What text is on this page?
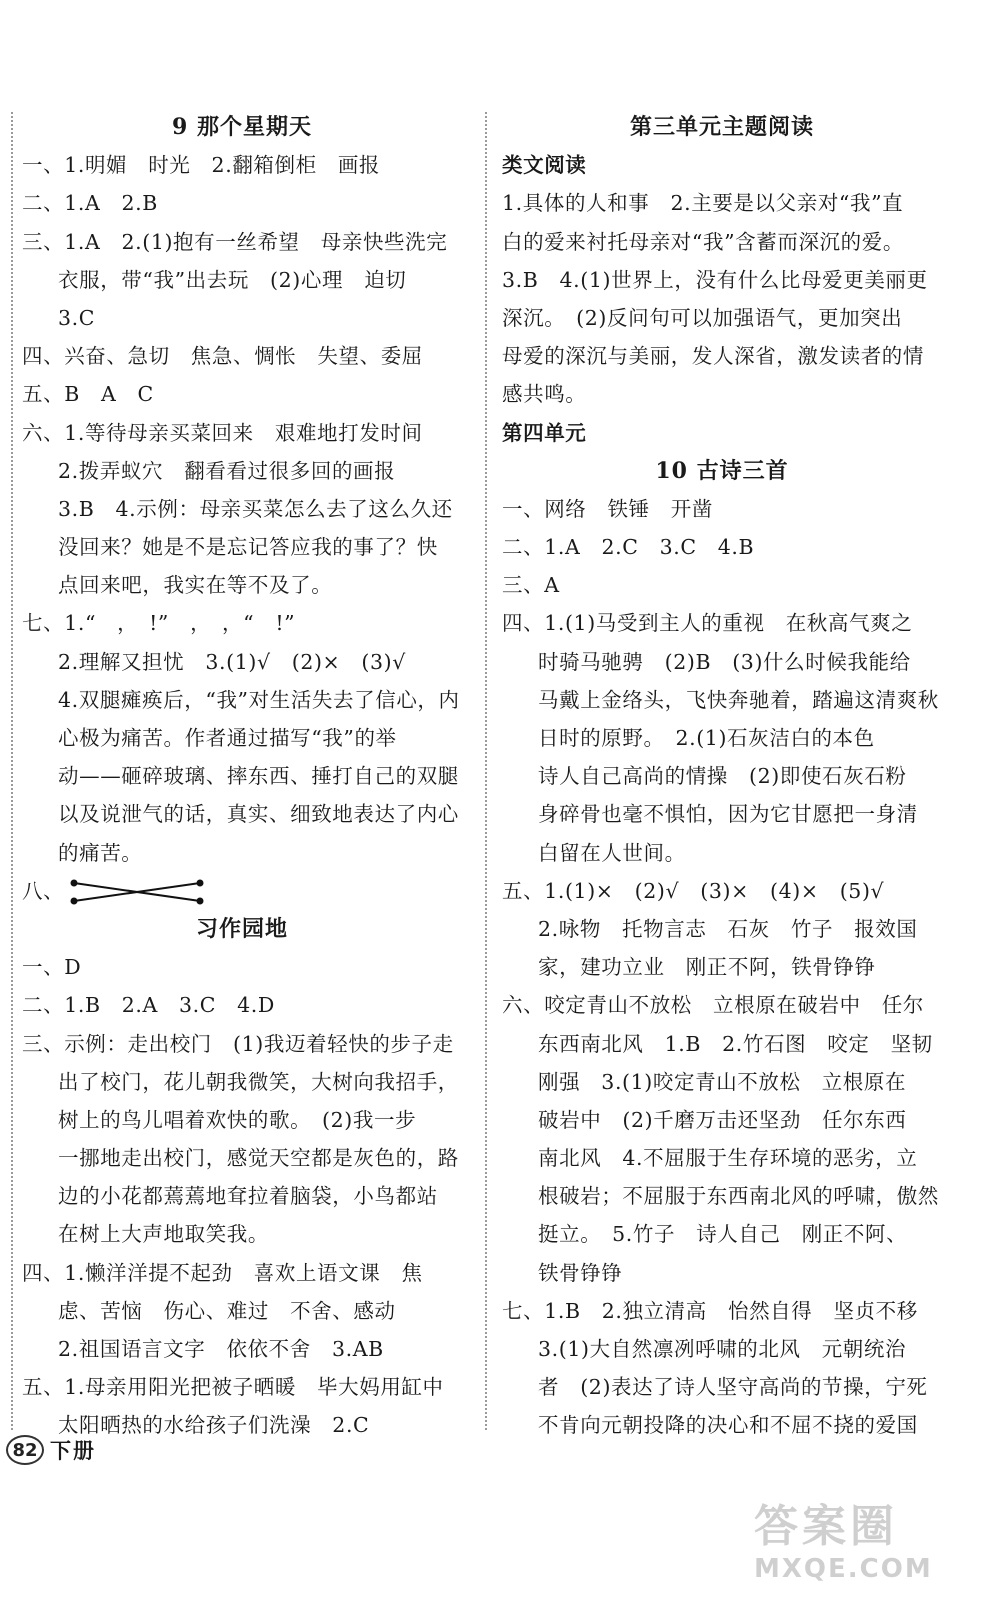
9 那个星期天
一、1.明媚　时光　2.翻箱倒柜　画报
二、1.A　2.B
三、1.A　2.(1)抱有一丝希望　母亲快些洗完
衣服，带“我”出去玩　(2)心理　迫切
3.C
四、兴奋、急切　焦急、惆怅　失望、委屈
五、B　A　C
六、1.等待母亲买菜回来　艰难地打发时间
2.拨弄蚁穴　翻看看过很多回的画报
3.B　4.示例：母亲买菜怎么去了这么久还
没回来？她是不是忘记答应我的事了？快
点回来吧，我实在等不及了。
七、1.“　，　!”　，　，“　!”
2.理解又担忧　3.(1)√　(2)×　(3)√
4.双腿瘫痪后，“我”对生活失去了信心，内
心极为痛苦。作者通过描写“我”的举
动——砸碎玻璃、摔东西、捶打自己的双腿
以及说泄气的话，真实、细致地表达了内心
的痛苦。
八、
习作园地
一、D
二、1.B　2.A　3.C　4.D
三、示例：走出校门　(1)我迈着轻快的步子走
出了校门，花儿朝我微笑，大树向我招手，
树上的鸟儿唱着欢快的歌。　(2)我一步
一挪地走出校门，感觉天空都是灰色的，路
边的小花都蔫蔫地耷拉着脑袋，小鸟都站
在树上大声地取笑我。
四、1.懒洋洋提不起劲　喜欢上语文课　焦
虑、苦恼　伤心、难过　不舍、感动
2.祖国语言文字　依依不舍　3.AB
五、1.母亲用阳光把被子晒暖　毕大妈用缸中
太阳晒热的水给孩子们洗澡　2.C
第三单元主题阅读
类文阅读
1.具体的人和事　2.主要是以父亲对“我”直
白的爱来衬托母亲对“我”含蓄而深沉的爱。
3.B　4.(1)世界上，没有什么比母爱更美丽更
深沉。　(2)反问句可以加强语气，更加突出
母爱的深沉与美丽，发人深省，激发读者的情
感共鸣。
第四单元
10 古诗三首
一、网络　铁锤　开凿
二、1.A　2.C　3.C　4.B
三、A
四、1.(1)马受到主人的重视　在秋高气爽之
时骑马驰骋　(2)B　(3)什么时候我能给
马戴上金络头，飞快奔驰着，踏遍这清爽秋
日时的原野。　2.(1)石灰洁白的本色
诗人自己高尚的情操　(2)即使石灰石粉
身碎骨也毫不惧怕，因为它甘愿把一身清
白留在人世间。
五、1.(1)×　(2)√　(3)×　(4)×　(5)√
2.咏物　托物言志　石灰　竹子　报效国
家，建功立业　刚正不阿，铁骨铮铮
六、咬定青山不放松　立根原在破岩中　任尔
东西南北风　1.B　2.竹石图　咬定　坚韧
刚强　3.(1)咬定青山不放松　立根原在
破岩中　(2)千磨万击还坚劲　任尔东西
南北风　4.不屈服于生存环境的恶劣，立
根破岩；不屈服于东西南北风的呼啸，傲然
挺立。　5.竹子　诗人自己　刚正不阿、
铁骨铮铮
七、1.B　2.独立清高　怡然自得　坚贞不移
3.(1)大自然凛冽呼啸的北风　元朝统治
者　(2)表达了诗人坚守高尚的节操，宁死
不肯向元朝投降的决心和不屈不挠的爱国
82 下册
答案圈
MXQE.COM
